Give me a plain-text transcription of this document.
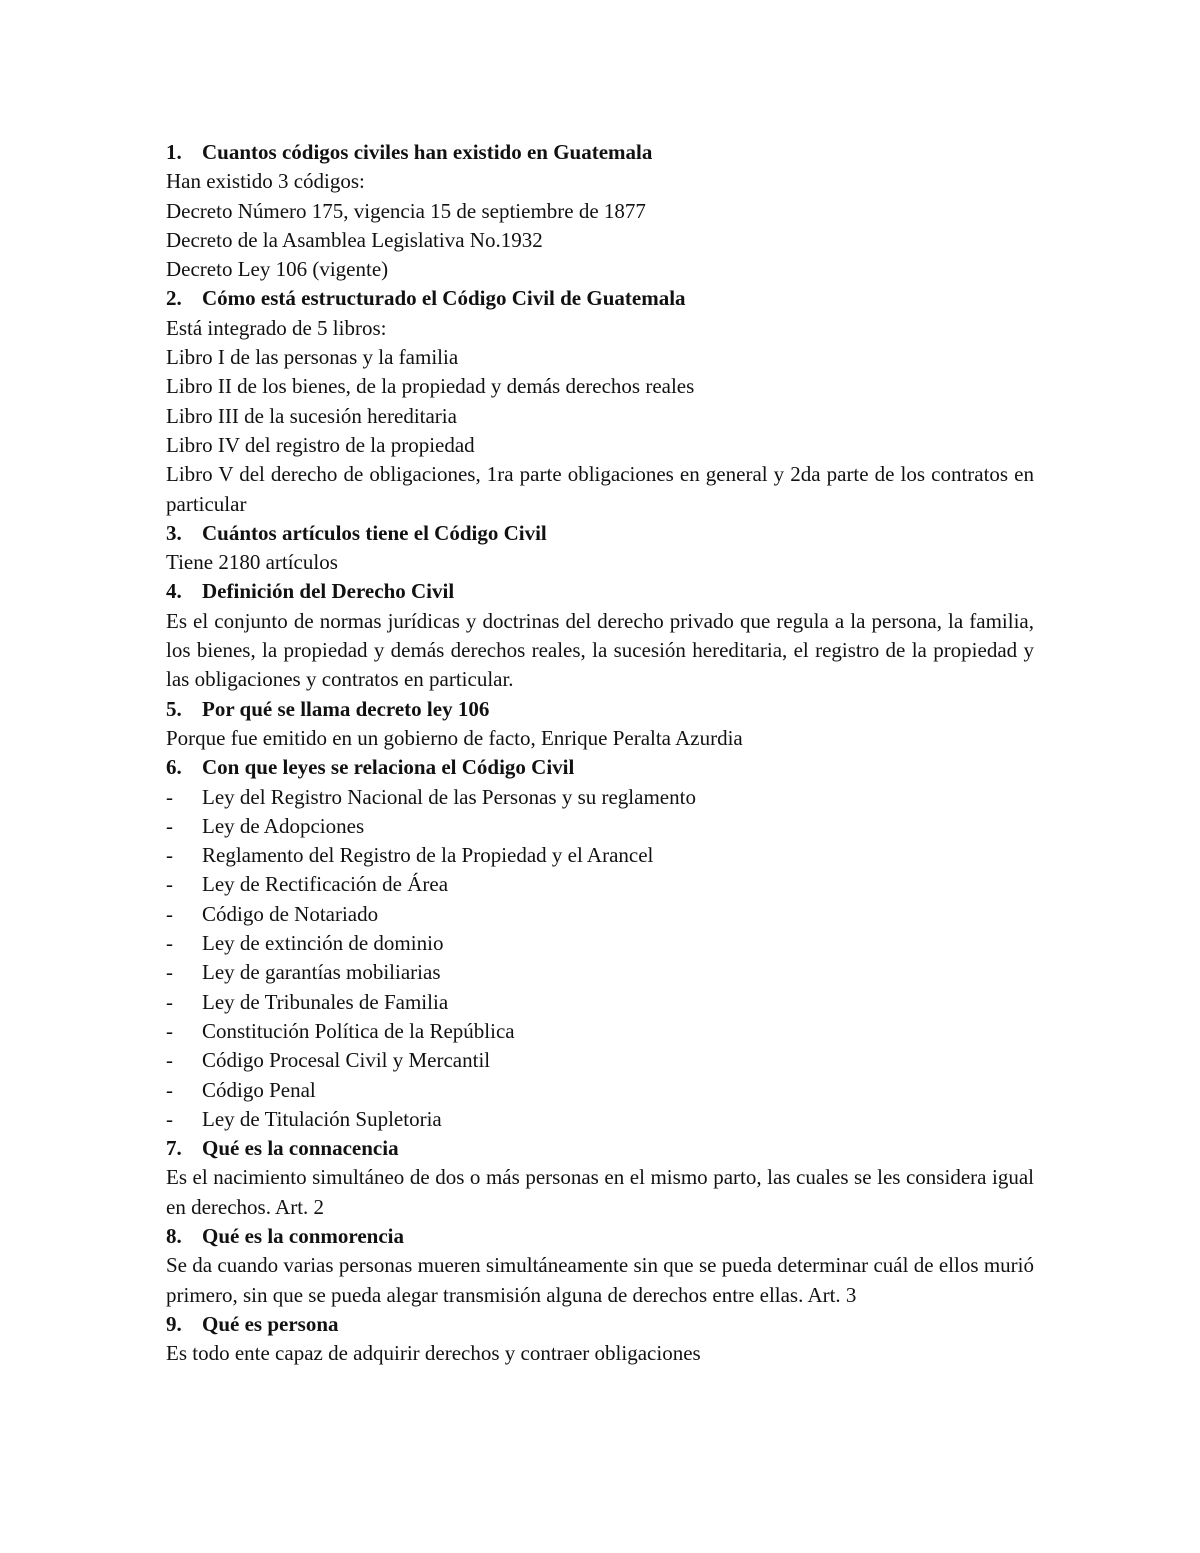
1. Cuantos códigos civiles han existido en Guatemala

Han existido 3 códigos:

Decreto Número 175, vigencia 15 de septiembre de 1877

Decreto de la Asamblea Legislativa No.1932

Decreto Ley 106 (vigente)

2. Cómo está estructurado el Código Civil de Guatemala

Está integrado de 5 libros:

Libro I de las personas y la familia

Libro II de los bienes, de la propiedad y demás derechos reales

Libro III de la sucesión hereditaria

Libro IV del registro de la propiedad

Libro V del derecho de obligaciones, 1ra parte obligaciones en general y 2da parte de los contratos en particular

3. Cuántos artículos tiene el Código Civil

Tiene 2180 artículos

4. Definición del Derecho Civil

Es el conjunto de normas jurídicas y doctrinas del derecho privado que regula a la persona, la familia, los bienes, la propiedad y demás derechos reales, la sucesión hereditaria, el registro de la propiedad y las obligaciones y contratos en particular.

5. Por qué se llama decreto ley 106

Porque fue emitido en un gobierno de facto, Enrique Peralta Azurdia

6. Con que leyes se relaciona el Código Civil
-	Ley del Registro Nacional de las Personas y su reglamento
-	Ley de Adopciones
-	Reglamento del Registro de la Propiedad y el Arancel
-	Ley de Rectificación de Área
-	Código de Notariado
-	Ley de extinción de dominio
-	Ley de garantías mobiliarias
-	Ley de Tribunales de Familia
-	Constitución Política de la República
-	Código Procesal Civil y Mercantil
-	Código Penal
-	Ley de Titulación Supletoria
7. Qué es la connacencia

Es el nacimiento simultáneo de dos o más personas en el mismo parto, las cuales se les considera igual en derechos. Art. 2

8. Qué es la conmorencia

Se da cuando varias personas mueren simultáneamente sin que se pueda determinar cuál de ellos murió primero, sin que se pueda alegar transmisión alguna de derechos entre ellas. Art. 3

9. Qué es persona

Es todo ente capaz de adquirir derechos y contraer obligaciones
